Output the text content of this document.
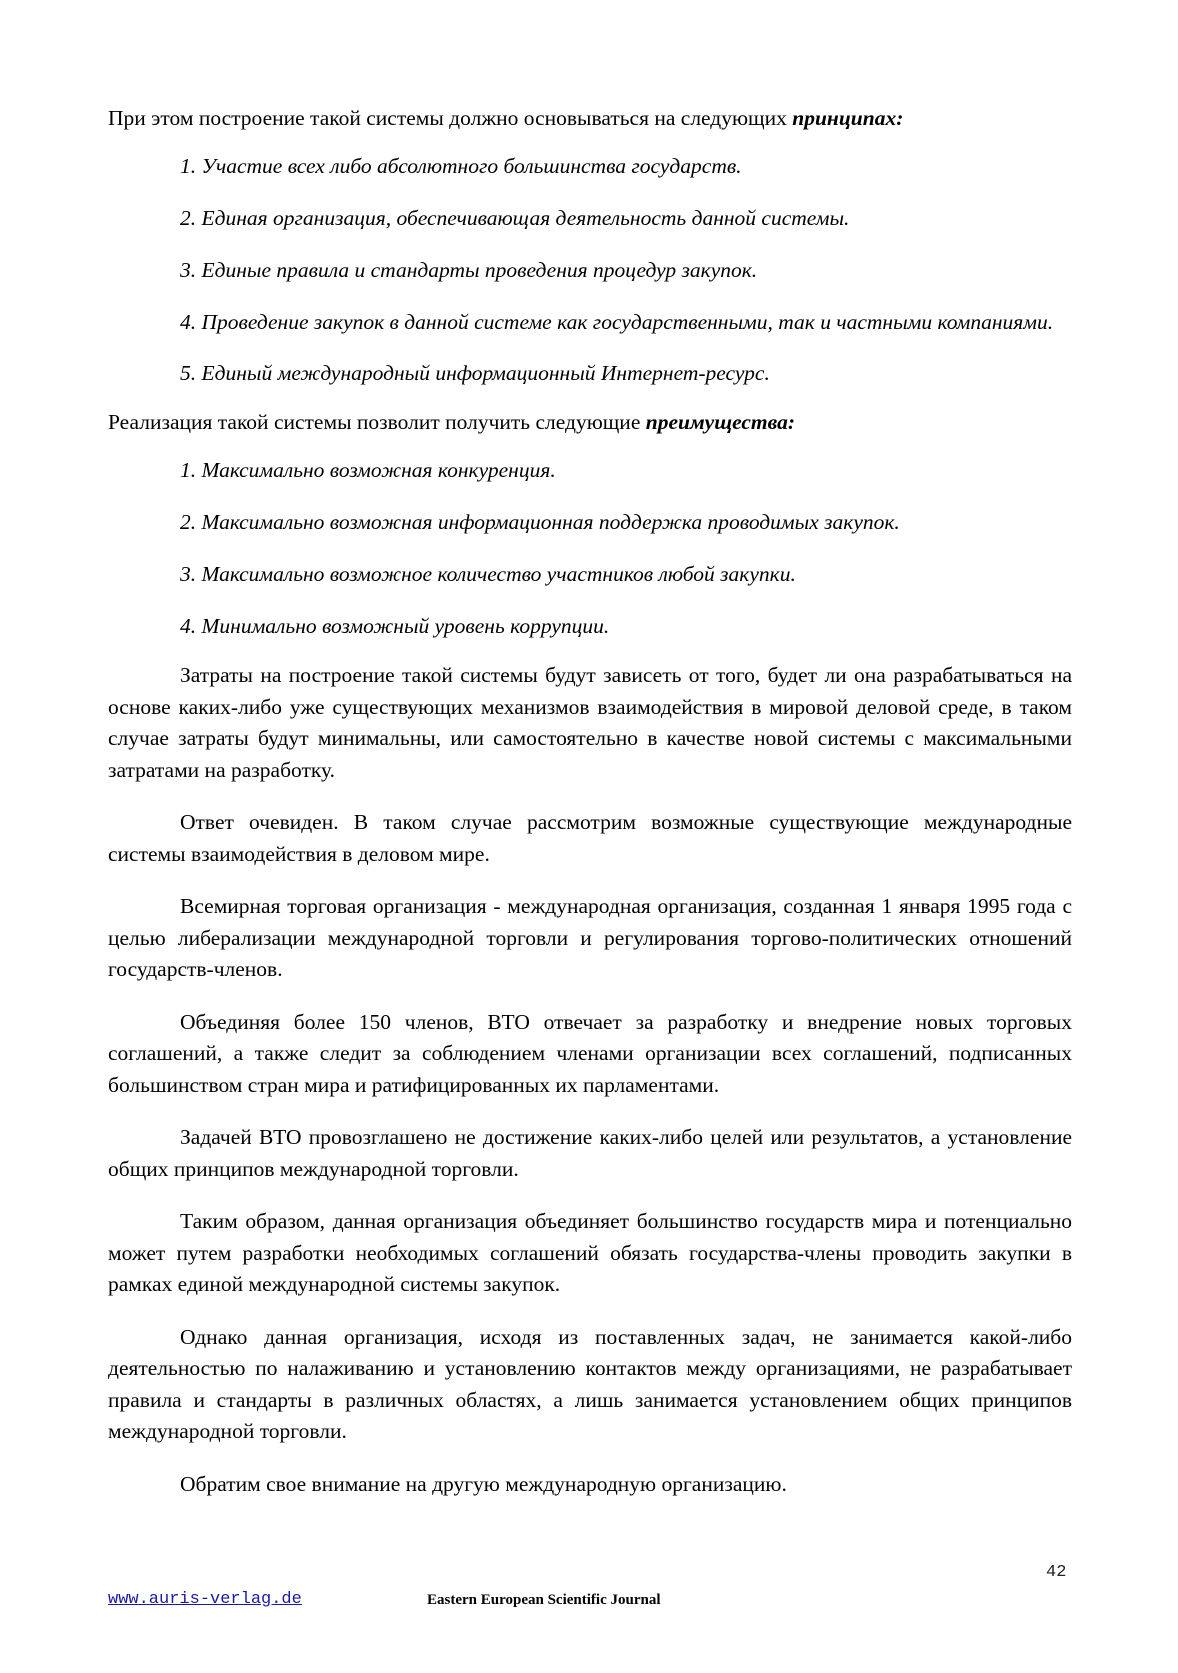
При этом построение такой системы должно основываться на следующих принципах:

1. Участие всех либо абсолютного большинства государств.
2. Единая организация, обеспечивающая деятельность данной системы.
3. Единые правила и стандарты проведения процедур закупок.
4. Проведение закупок в данной системе как государственными, так и частными компаниями.
5. Единый международный информационный Интернет-ресурс.

Реализация такой системы позволит получить следующие преимущества:

1. Максимально возможная конкуренция.
2. Максимально возможная информационная поддержка проводимых закупок.
3. Максимально возможное количество участников любой закупки.
4. Минимально возможный уровень коррупции.

Затраты на построение такой системы будут зависеть от того, будет ли она разрабатываться на основе каких-либо уже существующих механизмов взаимодействия в мировой деловой среде, в таком случае затраты будут минимальны, или самостоятельно в качестве новой системы с максимальными затратами на разработку.

Ответ очевиден. В таком случае рассмотрим возможные существующие международные системы взаимодействия в деловом мире.

Всемирная торговая организация - международная организация, созданная 1 января 1995 года с целью либерализации международной торговли и регулирования торгово-политических отношений государств-членов.

Объединяя более 150 членов, ВТО отвечает за разработку и внедрение новых торговых соглашений, а также следит за соблюдением членами организации всех соглашений, подписанных большинством стран мира и ратифицированных их парламентами.

Задачей ВТО провозглашено не достижение каких-либо целей или результатов, а установление общих принципов международной торговли.

Таким образом, данная организация объединяет большинство государств мира и потенциально может путем разработки необходимых соглашений обязать государства-члены проводить закупки в рамках единой международной системы закупок.

Однако данная организация, исходя из поставленных задач, не занимается какой-либо деятельностью по налаживанию и установлению контактов между организациями, не разрабатывает правила и стандарты в различных областях, а лишь занимается установлением общих принципов международной торговли.

Обратим свое внимание на другую международную организацию.

42
www.auris-verlag.de	Eastern European Scientific Journal
